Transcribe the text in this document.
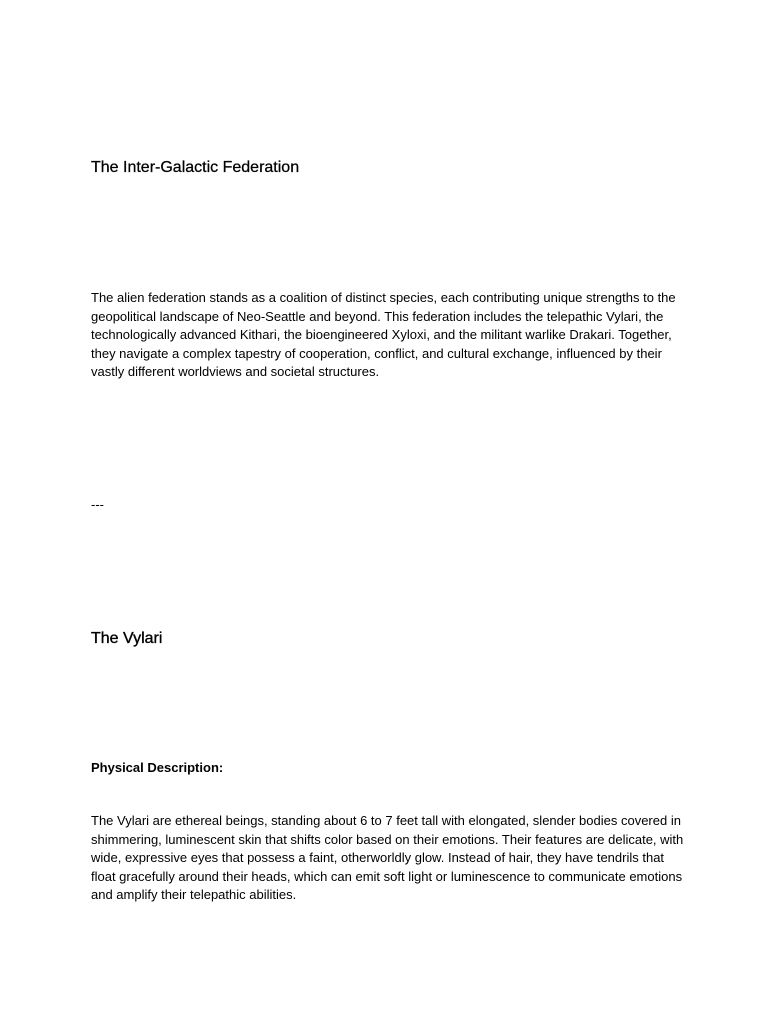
The Inter-Galactic Federation

The alien federation stands as a coalition of distinct species, each contributing unique strengths to the geopolitical landscape of Neo-Seattle and beyond. This federation includes the telepathic Vylari, the technologically advanced Kithari, the bioengineered Xyloxi, and the militant warlike Drakari. Together, they navigate a complex tapestry of cooperation, conflict, and cultural exchange, influenced by their vastly different worldviews and societal structures.

---

The Vylari
Physical Description:

The Vylari are ethereal beings, standing about 6 to 7 feet tall with elongated, slender bodies covered in shimmering, luminescent skin that shifts color based on their emotions. Their features are delicate, with wide, expressive eyes that possess a faint, otherworldly glow. Instead of hair, they have tendrils that float gracefully around their heads, which can emit soft light or luminescence to communicate emotions and amplify their telepathic abilities.
